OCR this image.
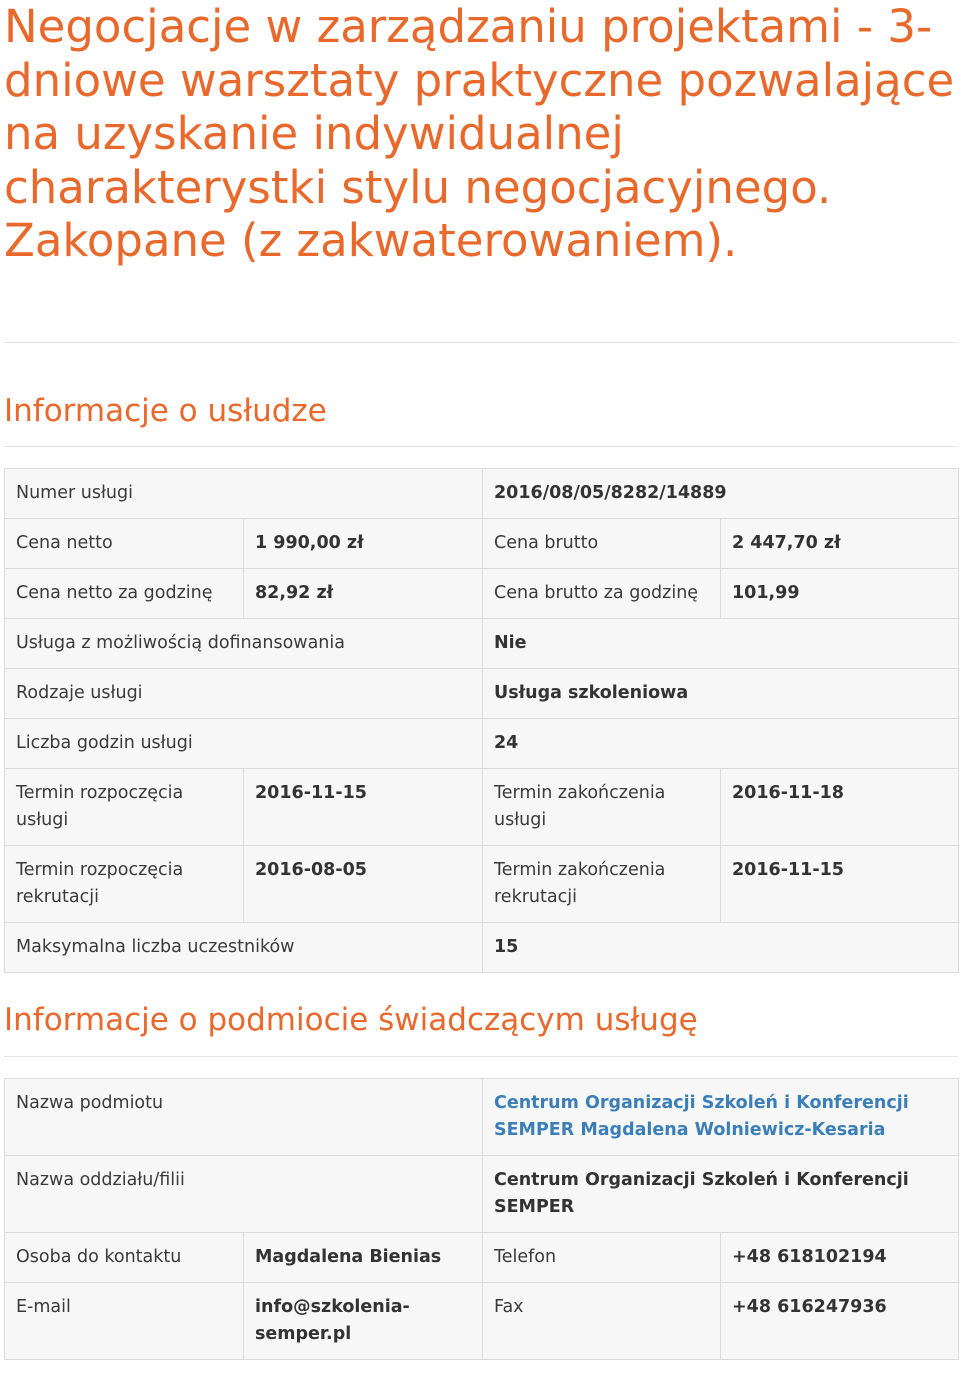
Negocjacje w zarządzaniu projektami - 3-dniowe warsztaty praktyczne pozwalające na uzyskanie indywidualnej charakterystki stylu negocjacyjnego. Zakopane (z zakwaterowaniem).
Informacje o usłudze
Numer usługi		2016/08/05/8282/14889	
Cena netto	1 990,00 zł	Cena brutto	2 447,70 zł
Cena netto za godzinę	82,92 zł	Cena brutto za godzinę	101,99
Usługa z możliwością dofinansowania		Nie	
Rodzaje usługi		Usługa szkoleniowa	
Liczba godzin usługi		24	
Termin rozpoczęcia usługi	2016-11-15	Termin zakończenia usługi	2016-11-18
Termin rozpoczęcia rekrutacji	2016-08-05	Termin zakończenia rekrutacji	2016-11-15
Maksymalna liczba uczestników		15	
Informacje o podmiocie świadczącym usługę
Nazwa podmiotu		Centrum Organizacji Szkoleń i Konferencji SEMPER Magdalena Wolniewicz-Kesaria	
Nazwa oddziału/filii		Centrum Organizacji Szkoleń i Konferencji SEMPER	
Osoba do kontaktu	Magdalena Bienias	Telefon	+48 618102194
E-mail	info@szkolenia-semper.pl	Fax	+48 616247936
